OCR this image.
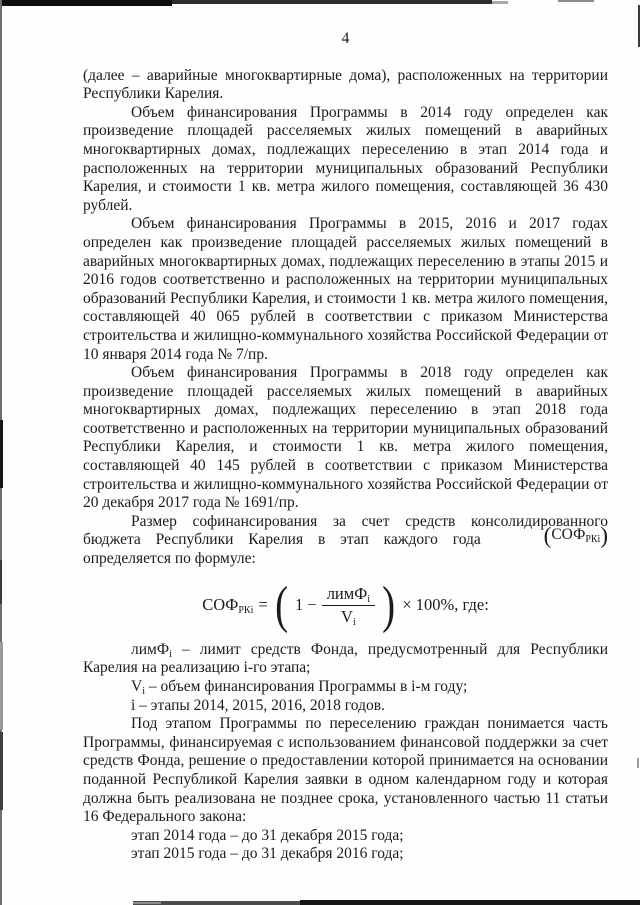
4

(далее – аварийные многоквартирные дома), расположенных на территории Республики Карелия.

Объем финансирования Программы в 2014 году определен как произведение площадей расселяемых жилых помещений в аварийных многоквартирных домах, подлежащих переселению в этап 2014 года и расположенных на территории муниципальных образований Республики Карелия, и стоимости 1 кв. метра жилого помещения, составляющей 36 430 рублей.

Объем финансирования Программы в 2015, 2016 и 2017 годах определен как произведение площадей расселяемых жилых помещений в аварийных многоквартирных домах, подлежащих переселению в этапы 2015 и 2016 годов соответственно и расположенных на территории муниципальных образований Республики Карелия, и стоимости 1 кв. метра жилого помещения, составляющей 40 065 рублей в соответствии с приказом Министерства строительства и жилищно-коммунального хозяйства Российской Федерации от 10 января 2014 года № 7/пр.

Объем финансирования Программы в 2018 году определен как произведение площадей расселяемых жилых помещений в аварийных многоквартирных домах, подлежащих переселению в этап 2018 года соответственно и расположенных на территории муниципальных образований Республики Карелия, и стоимости 1 кв. метра жилого помещения, составляющей 40 145 рублей в соответствии с приказом Министерства строительства и жилищно-коммунального хозяйства Российской Федерации от 20 декабря 2017 года № 1691/пр.

Размер софинансирования за счет средств консолидированного бюджета Республики Карелия в этап каждого года $(СОФ_{РКi})$ определяется по формуле:

$СОФ_{РКi}$ = ( $1 - \frac{лимФ_i}{V_i}$ ) × 100%, где:

лимФ$_i$ – лимит средств Фонда, предусмотренный для Республики Карелия на реализацию i-го этапа;

$V_i$ – объем финансирования Программы в i-м году;

i – этапы 2014, 2015, 2016, 2018 годов.

Под этапом Программы по переселению граждан понимается часть Программы, финансируемая с использованием финансовой поддержки за счет средств Фонда, решение о предоставлении которой принимается на основании поданной Республикой Карелия заявки в одном календарном году и которая должна быть реализована не позднее срока, установленного частью 11 статьи 16 Федерального закона:

этап 2014 года – до 31 декабря 2015 года;

этап 2015 года – до 31 декабря 2016 года;
